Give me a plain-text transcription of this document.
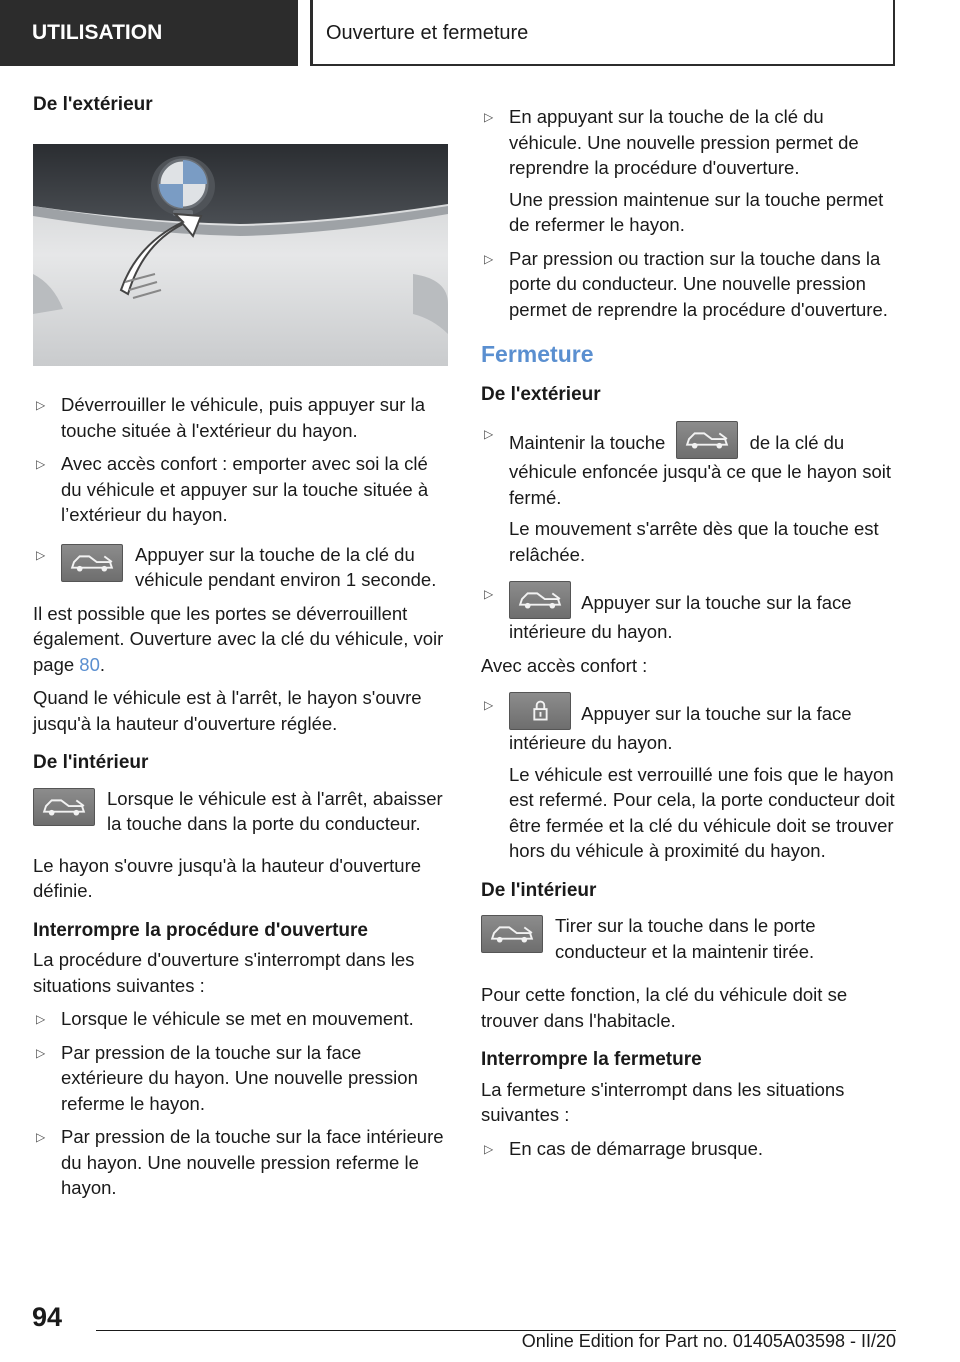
UTILISATION	Ouverture et fermeture
De l'extérieur
▷ Déverrouiller le véhicule, puis appuyer sur la touche située à l'extérieur du hayon.
▷ Avec accès confort : emporter avec soi la clé du véhicule et appuyer sur la touche située à l’extérieur du hayon.
▷	Appuyer sur la touche de la clé du véhicule pendant environ 1 seconde.

Il est possible que les portes se déverrouillent également. Ouverture avec la clé du véhicule, voir page 80.

Quand le véhicule est à l'arrêt, le hayon s'ouvre jusqu'à la hauteur d'ouverture réglée.

De l'intérieur

Lorsque le véhicule est à l'arrêt, abaisser la touche dans la porte du conducteur.

Le hayon s'ouvre jusqu'à la hauteur d'ouverture définie.

Interrompre la procédure d'ouverture

La procédure d'ouverture s'interrompt dans les situations suivantes :

▷ Lorsque le véhicule se met en mouvement.
▷ Par pression de la touche sur la face extérieure du hayon. Une nouvelle pression referme le hayon.
▷ Par pression de la touche sur la face intérieure du hayon. Une nouvelle pression referme le hayon.
▷ En appuyant sur la touche de la clé du véhicule. Une nouvelle pression permet de reprendre la procédure d'ouverture.
Une pression maintenue sur la touche permet de refermer le hayon.
▷ Par pression ou traction sur la touche dans la porte du conducteur. Une nouvelle pression permet de reprendre la procédure d'ouverture.
Fermeture
De l'extérieur
▷ Maintenir la touche	de la clé du véhicule enfoncée jusqu'à ce que le hayon soit fermé.
Le mouvement s'arrête dès que la touche est relâchée.
▷	Appuyer sur la touche sur la face intérieure du hayon.

Avec accès confort :

▷	Appuyer sur la touche sur la face intérieure du hayon.
Le véhicule est verrouillé une fois que le hayon est refermé. Pour cela, la porte conducteur doit être fermée et la clé du véhicule doit se trouver hors du véhicule à proximité du hayon.
De l'intérieur

Tirer sur la touche dans le porte conducteur et la maintenir tirée.

Pour cette fonction, la clé du véhicule doit se trouver dans l'habitacle.

Interrompre la fermeture

La fermeture s'interrompt dans les situations suivantes :

▷ En cas de démarrage brusque.
94
Online Edition for Part no. 01405A03598 - II/20
